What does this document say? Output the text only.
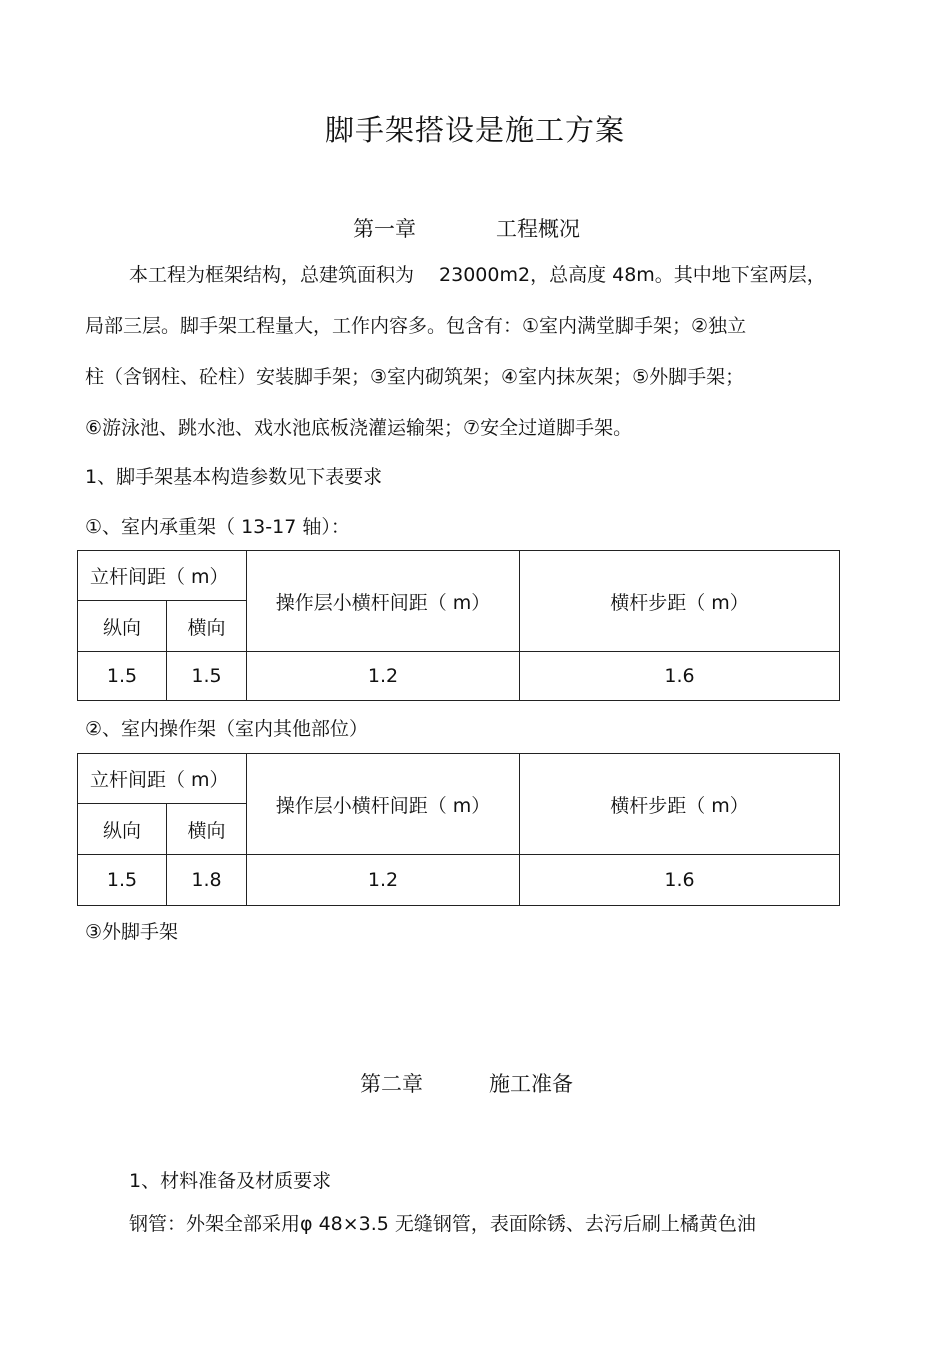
脚手架搭设是施工方案
第一章	工程概况
本工程为框架结构，总建筑面积为　 23000m2，总高度 48m。其中地下室两层，
局部三层。脚手架工程量大，工作内容多。包含有：①室内满堂脚手架；②独立
柱（含钢柱、砼柱）安装脚手架；③室内砌筑架；④室内抹灰架；⑤外脚手架；
⑥游泳池、跳水池、戏水池底板浇灌运输架；⑦安全过道脚手架。
1、脚手架基本构造参数见下表要求
①、室内承重架（ 13-17 轴）：
立杆间距（ m）		操作层小横杆间距（ m）	横杆步距（ m）
纵向	横向		
1.5	1.5	1.2	1.6
②、室内操作架（室内其他部位）
立杆间距（ m）		操作层小横杆间距（ m）	横杆步距（ m）
纵向	横向		
1.5	1.8	1.2	1.6
③外脚手架
第二章	施工准备
1、材料准备及材质要求
钢管：外架全部采用φ 48×3.5 无缝钢管，表面除锈、去污后刷上橘黄色油
